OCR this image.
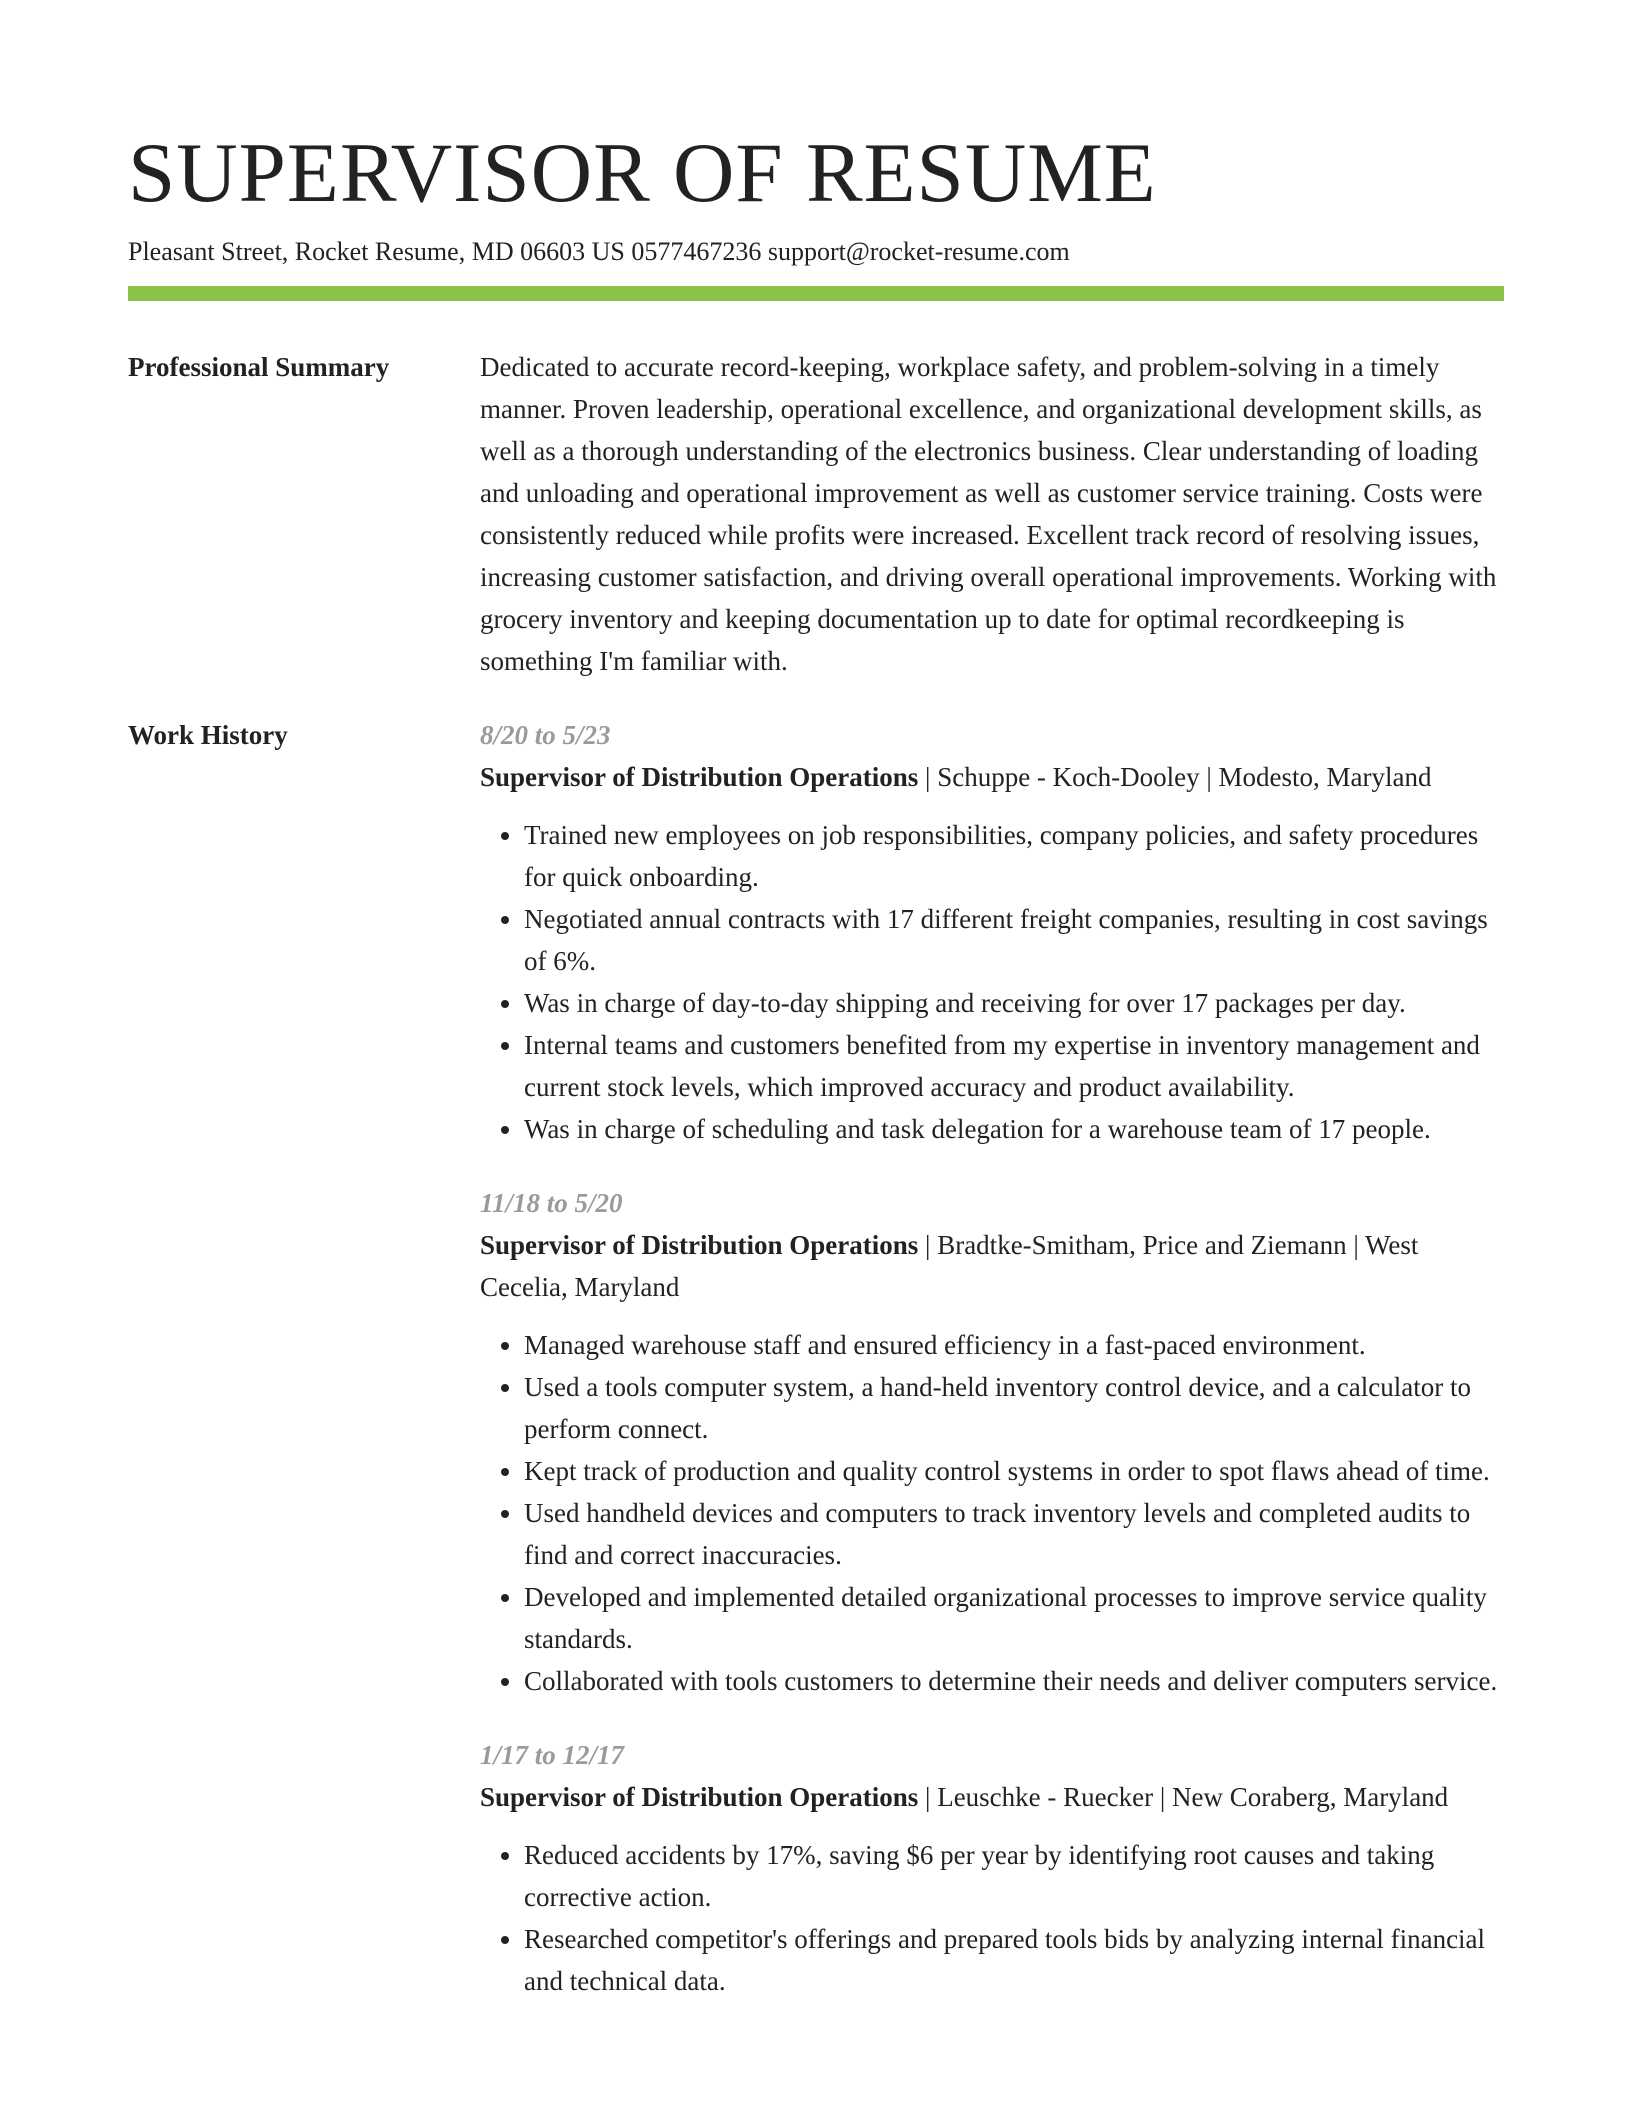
SUPERVISOR OF RESUME
Pleasant Street, Rocket Resume, MD 06603 US 0577467236 support@rocket-resume.com
Professional Summary	Dedicated to accurate record-keeping, workplace safety, and problem-solving in a timely manner. Proven leadership, operational excellence, and organizational development skills, as well as a thorough understanding of the electronics business. Clear understanding of loading and unloading and operational improvement as well as customer service training. Costs were consistently reduced while profits were increased. Excellent track record of resolving issues, increasing customer satisfaction, and driving overall operational improvements. Working with grocery inventory and keeping documentation up to date for optimal recordkeeping is something I'm familiar with.

Work History	8/20 to 5/23

Supervisor of Distribution Operations | Schuppe - Koch-Dooley | Modesto, Maryland

• Trained new employees on job responsibilities, company policies, and safety procedures for quick onboarding.
• Negotiated annual contracts with 17 different freight companies, resulting in cost savings of 6%.
• Was in charge of day-to-day shipping and receiving for over 17 packages per day.
• Internal teams and customers benefited from my expertise in inventory management and current stock levels, which improved accuracy and product availability.
• Was in charge of scheduling and task delegation for a warehouse team of 17 people.
11/18 to 5/20

Supervisor of Distribution Operations | Bradtke-Smitham, Price and Ziemann | West Cecelia, Maryland

• Managed warehouse staff and ensured efficiency in a fast-paced environment.
• Used a tools computer system, a hand-held inventory control device, and a calculator to perform connect.
• Kept track of production and quality control systems in order to spot flaws ahead of time.
• Used handheld devices and computers to track inventory levels and completed audits to find and correct inaccuracies.
• Developed and implemented detailed organizational processes to improve service quality standards.
• Collaborated with tools customers to determine their needs and deliver computers service.
1/17 to 12/17

Supervisor of Distribution Operations | Leuschke - Ruecker | New Coraberg, Maryland

• Reduced accidents by 17%, saving $6 per year by identifying root causes and taking corrective action.
• Researched competitor's offerings and prepared tools bids by analyzing internal financial and technical data.
